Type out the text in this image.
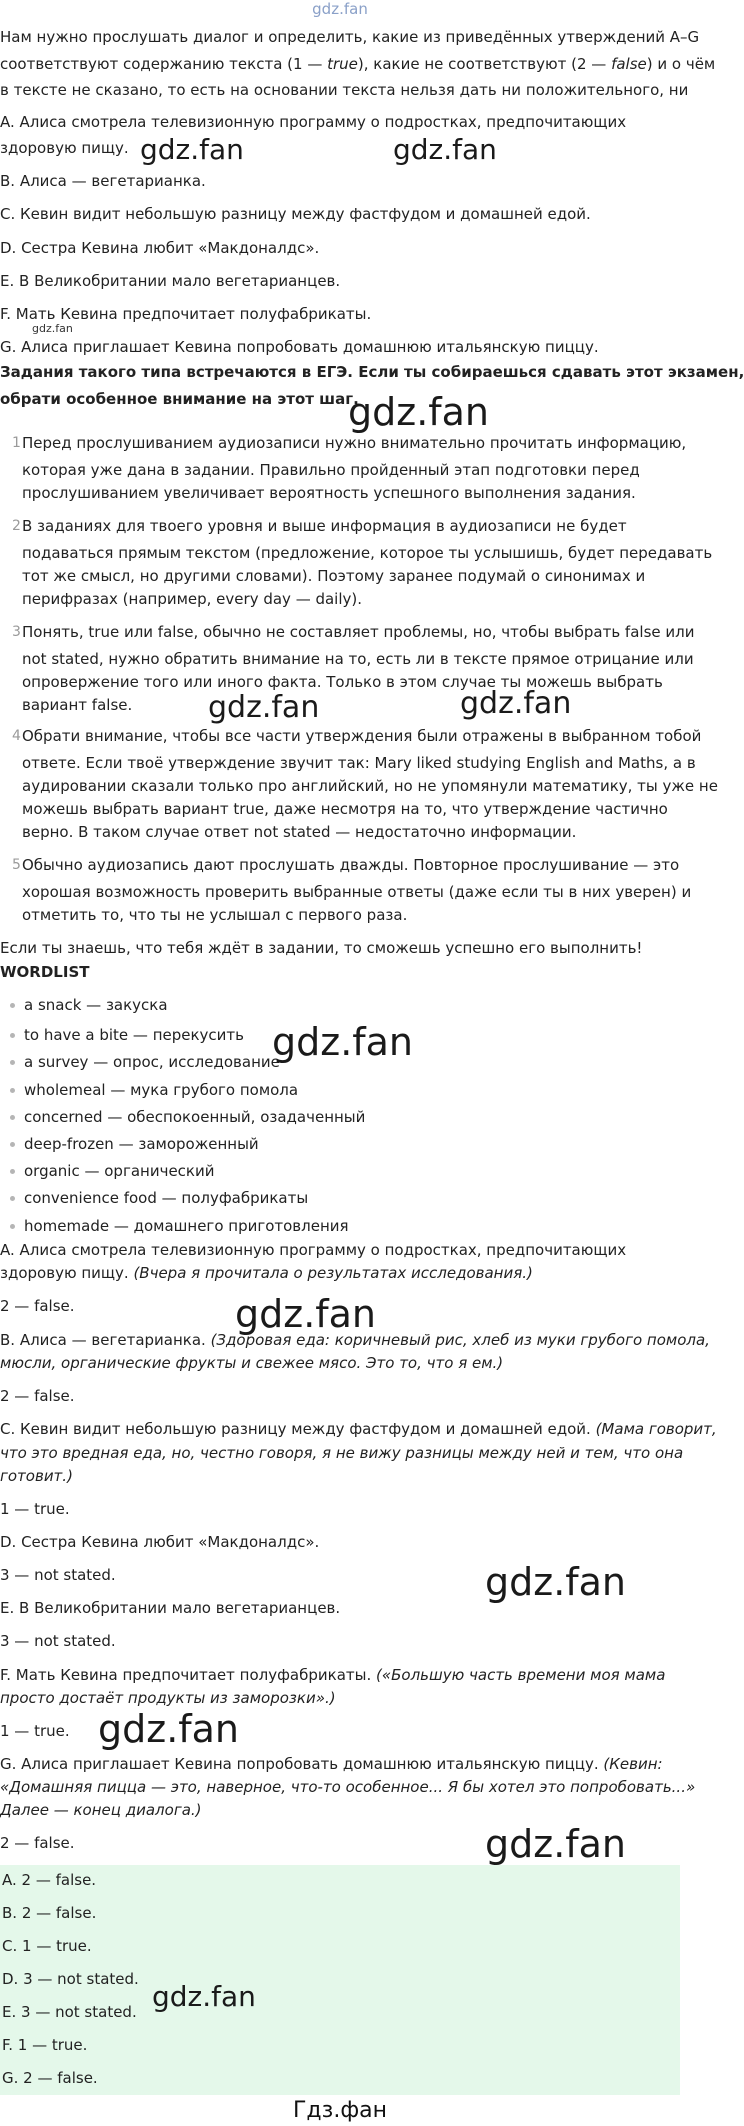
gdz.fan
Нам нужно прослушать диалог и определить, какие из приведённых утверждений A–G
соответствуют содержанию текста (1 — true), какие не соответствуют (2 — false) и о чём
в тексте не сказано, то есть на основании текста нельзя дать ни положительного, ни
A. Алиса смотрела телевизионную программу о подростках, предпочитающих
здоровую пищу.
B. Алиса — вегетарианка.
C. Кевин видит небольшую разницу между фастфудом и домашней едой.
D. Сестра Кевина любит «Макдоналдс».
E. В Великобритании мало вегетарианцев.
F. Мать Кевина предпочитает полуфабрикаты.
G. Алиса приглашает Кевина попробовать домашнюю итальянскую пиццу.
Задания такого типа встречаются в ЕГЭ. Если ты собираешься сдавать этот экзамен,
обрати особенное внимание на этот шаг.
1 Перед прослушиванием аудиозаписи нужно внимательно прочитать информацию,
которая уже дана в задании. Правильно пройденный этап подготовки перед
прослушиванием увеличивает вероятность успешного выполнения задания.
2 В заданиях для твоего уровня и выше информация в аудиозаписи не будет
подаваться прямым текстом (предложение, которое ты услышишь, будет передавать
тот же смысл, но другими словами). Поэтому заранее подумай о синонимах и
перифразах (например, every day — daily).
3 Понять, true или false, обычно не составляет проблемы, но, чтобы выбрать false или
not stated, нужно обратить внимание на то, есть ли в тексте прямое отрицание или
опровержение того или иного факта. Только в этом случае ты можешь выбрать
вариант false.
4 Обрати внимание, чтобы все части утверждения были отражены в выбранном тобой
ответе. Если твоё утверждение звучит так: Mary liked studying English and Maths, а в
аудировании сказали только про английский, но не упомянули математику, ты уже не
можешь выбрать вариант true, даже несмотря на то, что утверждение частично
верно. В таком случае ответ not stated — недостаточно информации.
5 Обычно аудиозапись дают прослушать дважды. Повторное прослушивание — это
хорошая возможность проверить выбранные ответы (даже если ты в них уверен) и
отметить то, что ты не услышал с первого раза.
Если ты знаешь, что тебя ждёт в задании, то сможешь успешно его выполнить!
WORDLIST
a snack — закуска
to have a bite — перекусить
a survey — опрос, исследование
wholemeal — мука грубого помола
concerned — обеспокоенный, озадаченный
deep-frozen — замороженный
organic — органический
convenience food — полуфабрикаты
homemade — домашнего приготовления
A. Алиса смотрела телевизионную программу о подростках, предпочитающих
здоровую пищу. (Вчера я прочитала о результатах исследования.)
2 — false.
B. Алиса — вегетарианка. (Здоровая еда: коричневый рис, хлеб из муки грубого помола,
мюсли, органические фрукты и свежее мясо. Это то, что я ем.)
2 — false.
C. Кевин видит небольшую разницу между фастфудом и домашней едой. (Мама говорит,
что это вредная еда, но, честно говоря, я не вижу разницы между ней и тем, что она
готовит.)
1 — true.
D. Сестра Кевина любит «Макдоналдс».
3 — not stated.
E. В Великобритании мало вегетарианцев.
3 — not stated.
F. Мать Кевина предпочитает полуфабрикаты. («Большую часть времени моя мама
просто достаёт продукты из заморозки».)
1 — true.
G. Алиса приглашает Кевина попробовать домашнюю итальянскую пиццу. (Кевин:
«Домашняя пицца — это, наверное, что-то особенное... Я бы хотел это попробовать...»
Далее — конец диалога.)
2 — false.
A. 2 — false.
B. 2 — false.
C. 1 — true.
D. 3 — not stated.
E. 3 — not stated.
F. 1 — true.
G. 2 — false.
gdz.fan	gdz.fan
gdz.fan
gdz.fan
gdz.fan	gdz.fan
gdz.fan
gdz.fan
gdz.fan
gdz.fan
gdz.fan
gdz.fan
Гдз.фан
